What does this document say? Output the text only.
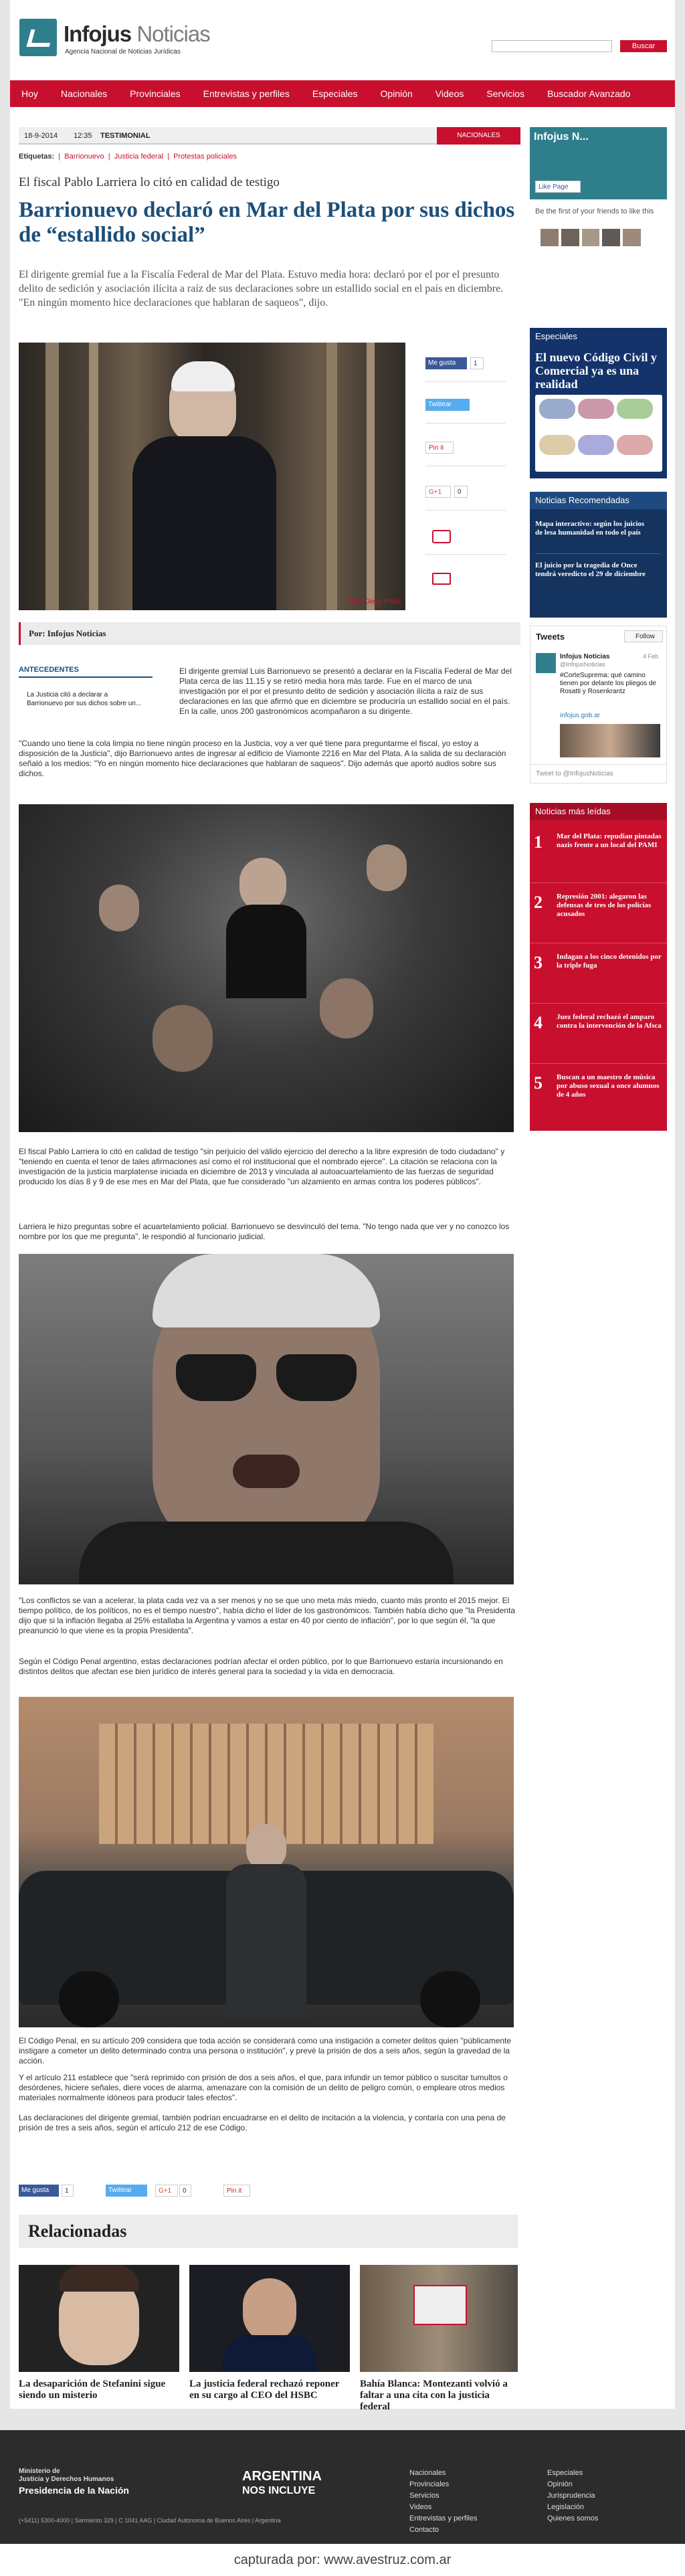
Infojus Noticias
Agencia Nacional de Noticias Jurídicas
Buscar
Hoy	Nacionales	Provinciales	Entrevistas y perfiles	Especiales	Opinión	Videos	Servicios	Buscador Avanzado
18-9-2014 12:35 TESTIMONIAL	NACIONALES
Etiquetas:  |  Barrionuevo  |  Justicia federal  |  Protestas policiales
El fiscal Pablo Larriera lo citó en calidad de testigo
Barrionuevo declaró en Mar del Plata por sus dichos de “estallido social”
El dirigente gremial fue a la Fiscalía Federal de Mar del Plata. Estuvo media hora: declaró por el por el presunto delito de sedición y asociación ilícita a raíz de sus declaraciones sobre un estallido social en el país en diciembre. "En ningún momento hice declaraciones que hablaran de saqueos", dijo.
Foto: Diego Pelali
Me gusta	1
Twittear
Pin it
G+1	0
Por: Infojus Noticias
ANTECEDENTES
La Justicia citó a declarar a Barrionuevo por sus dichos sobre un...
El dirigente gremial Luis Barrionuevo se presentó a declarar en la Fiscalía Federal de Mar del Plata cerca de las 11.15 y se retiró media hora más tarde. Fue en el marco de una investigación por el por el presunto delito de sedición y asociación ilícita a raíz de sus declaraciones en las que afirmó que en diciembre se produciría un estallido social en el país. En la calle, unos 200 gastronómicos acompañaron a su dirigente.
"Cuando uno tiene la cola limpia no tiene ningún proceso en la Justicia, voy a ver qué tiene para preguntarme el fiscal, yo estoy a disposición de la Justicia", dijo Barrionuevo antes de ingresar al edificio de Viamonte 2216 en Mar del Plata. A la salida de su declaración señaló a los medios: "Yo en ningún momento hice declaraciones que hablaran de saqueos". Dijo además que aportó audios sobre sus dichos.
El fiscal Pablo Larriera lo citó en calidad de testigo "sin perjuicio del válido ejercicio del derecho a la libre expresión de todo ciudadano" y "teniendo en cuenta el tenor de tales afirmaciones así como el rol institucional que el nombrado ejerce". La citación se relaciona con la investigación de la justicia marplatense iniciada en diciembre de 2013 y vinculada al autoacuartelamiento de las fuerzas de seguridad producido los días 8 y 9 de ese mes en Mar del Plata, que fue considerado "un alzamiento en armas contra los poderes públicos".
Larriera le hizo preguntas sobre el acuartelamiento policial. Barrionuevo se desvinculó del tema. "No tengo nada que ver y no conozco los nombre por los que me pregunta", le respondió al funcionario judicial.
"Los conflictos se van a acelerar, la plata cada vez va a ser menos y no se que uno meta más miedo, cuanto más pronto el 2015 mejor. El tiempo político, de los políticos, no es el tiempo nuestro", había dicho el líder de los gastronómicos. También había dicho que "la Presidenta dijo que si la inflación llegaba al 25% estallaba la Argentina y vamos a estar en 40 por ciento de inflación", por lo que según él, "la que preanunció lo que viene es la propia Presidenta".
Según el Código Penal argentino, estas declaraciones podrían afectar el orden público, por lo que Barrionuevo estaría incursionando en distintos delitos que afectan ese bien jurídico de interés general para la sociedad y la vida en democracia.
El Código Penal, en su artículo 209 considera que toda acción se considerará como una instigación a cometer delitos quien "públicamente instigare a cometer un delito determinado contra una persona o institución", y prevé la prisión de dos a seis años, según la gravedad de la acción.
Y el artículo 211 establece que "será reprimido con prisión de dos a seis años, el que, para infundir un temor público o suscitar tumultos o desórdenes, hiciere señales, diere voces de alarma, amenazare con la comisión de un delito de peligro común, o empleare otros medios materiales normalmente idóneos para producir tales efectos".
Las declaraciones del dirigente gremial, también podrían encuadrarse en el delito de incitación a la violencia, y contaría con una pena de prisión de tres a seis años, según el artículo 212 de ese Código.
Me gusta	1	Twittear	G+1	0	Pin it
Relacionadas
La desaparición de Stefanini sigue siendo un misterio
La justicia federal rechazó reponer en su cargo al CEO del HSBC
Bahía Blanca: Montezanti volvió a faltar a una cita con la justicia federal
Infojus N...
Like Page
Be the first of your friends to like this
Especiales
El nuevo Código Civil y Comercial ya es una realidad
Noticias Recomendadas
Mapa interactivo: según los juicios de lesa humanidad en todo el país
El juicio por la tragedia de Once tendrá veredicto el 29 de diciembre
Tweets	Follow
Infojus Noticias	4 Feb
@InfojusNoticias
#CorteSuprema: qué camino tienen por delante los pliegos de Rosatti y Rosenkrantz
infojus.gob.ar
Tweet to @InfojusNoticias
Noticias más leídas
1 Mar del Plata: repudian pintadas nazis frente a un local del PAMI
2 Represión 2001: alegaron las defensas de tres de los policías acusados
3 Indagan a los cinco detenidos por la triple fuga
4 Juez federal rechazó el amparo contra la intervención de la Afsca
5 Buscan a un maestro de música por abuso sexual a once alumnos de 4 años
Ministerio de
Justicia y Derechos Humanos
Presidencia de la Nación
(+5411) 5300-4000 | Sarmiento 329 | C 1041 AAG | Ciudad Autónoma de Buenos Aires | Argentina
ARGENTINA
NOS INCLUYE
Nacionales
Provinciales
Servicios
Videos
Entrevistas y perfiles
Contacto
Especiales
Opinión
Jurisprudencia
Legislación
Quienes somos
capturada por: www.avestruz.com.ar
